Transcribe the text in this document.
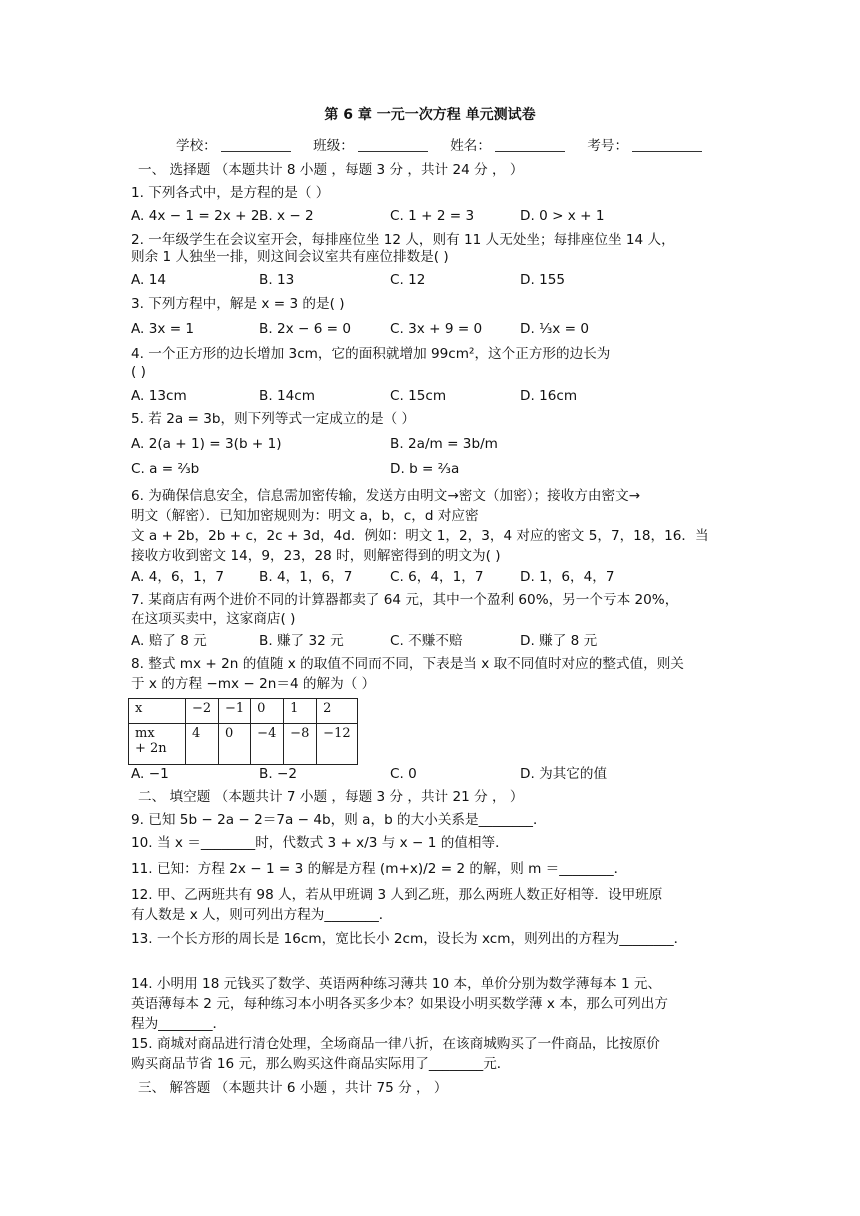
第 6 章 一元一次方程 单元测试卷
学校：	班级：	姓名：	考号：
一、 选择题 （本题共计 8 小题 ，每题 3 分 ，共计 24 分 ， ）
1. 下列各式中，是方程的是（ ）
A. 4x − 1 = 2x + 2 B. x − 2	C. 1 + 2 = 3	D. 0 > x + 1
2. 一年级学生在会议室开会，每排座位坐 12 人，则有 11 人无处坐；每排座位坐 14 人，
则余 1 人独坐一排，则这间会议室共有座位排数是( )
A. 14	B. 13	C. 12	D. 155
3. 下列方程中，解是 x = 3 的是( )
A. 3x = 1	B. 2x − 6 = 0	C. 3x + 9 = 0	D. ⅓x = 0
4. 一个正方形的边长增加 3cm，它的面积就增加 99cm²，这个正方形的边长为
( )
A. 13cm	B. 14cm	C. 15cm	D. 16cm
5. 若 2a = 3b，则下列等式一定成立的是（ ）
A. 2(a + 1) = 3(b + 1)	B. 2a/m = 3b/m
C. a = ⅔b	D. b = ⅔a
6. 为确保信息安全，信息需加密传输，发送方由明文→密文（加密）；接收方由密文→
明文（解密）．已知加密规则为：明文 a，b，c，d 对应密
文 a + 2b，2b + c，2c + 3d，4d．例如：明文 1，2，3，4 对应的密文 5，7，18，16．当
接收方收到密文 14，9，23，28 时，则解密得到的明文为( )
A. 4，6，1，7	B. 4，1，6，7	C. 6，4，1，7	D. 1，6，4，7
7. 某商店有两个进价不同的计算器都卖了 64 元，其中一个盈利 60%，另一个亏本 20%，
在这项买卖中，这家商店( )
A. 赔了 8 元	B. 赚了 32 元	C. 不赚不赔	D. 赚了 8 元
8. 整式 mx + 2n 的值随 x 的取值不同而不同，下表是当 x 取不同值时对应的整式值，则关
于 x 的方程 −mx − 2n＝4 的解为（ ）
x	−2	−1	0	1	2
mx
+ 2n	4	0	−4	−8	−12
A. −1	B. −2	C. 0	D. 为其它的值
二、 填空题 （本题共计 7 小题 ，每题 3 分 ，共计 21 分 ， ）
9. 已知 5b − 2a − 2＝7a − 4b，则 a，b 的大小关系是________．
10. 当 x ＝________时，代数式 3 + x/3 与 x − 1 的值相等．
11. 已知：方程 2x − 1 = 3 的解是方程 (m+x)/2 = 2 的解，则 m ＝________．
12. 甲、乙两班共有 98 人，若从甲班调 3 人到乙班，那么两班人数正好相等．设甲班原
有人数是 x 人，则可列出方程为________．
13. 一个长方形的周长是 16cm，宽比长小 2cm，设长为 xcm，则列出的方程为________．
14. 小明用 18 元钱买了数学、英语两种练习薄共 10 本，单价分别为数学薄每本 1 元、
英语薄每本 2 元，每种练习本小明各买多少本？如果设小明买数学薄 x 本，那么可列出方
程为________．
15. 商城对商品进行清仓处理，全场商品一律八折，在该商城购买了一件商品，比按原价
购买商品节省 16 元，那么购买这件商品实际用了________元．
三、 解答题 （本题共计 6 小题 ，共计 75 分 ， ）
